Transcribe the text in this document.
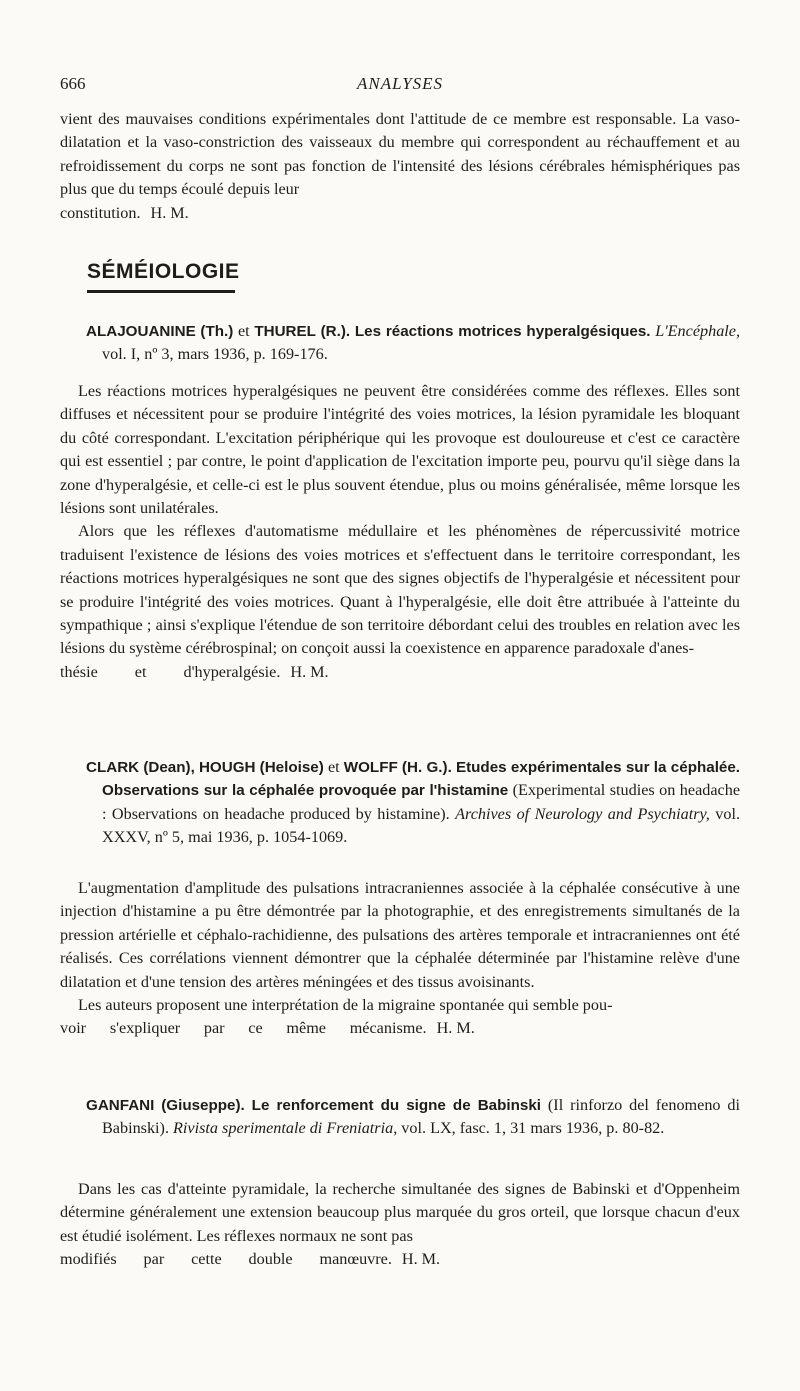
666	ANALYSES

vient des mauvaises conditions expérimentales dont l'attitude de ce membre est responsable. La vaso-dilatation et la vaso-constriction des vaisseaux du membre qui correspondent au réchauffement et au refroidissement du corps ne sont pas fonction de l'intensité des lésions cérébrales hémisphériques pas plus que du temps écoulé depuis leur

constitution. H. M.

SÉMÉIOLOGIE
ALAJOUANINE (Th.) et THUREL (R.). Les réactions motrices hyperalgésiques. L'Encéphale, vol. I, nº 3, mars 1936, p. 169-176.

Les réactions motrices hyperalgésiques ne peuvent être considérées comme des réflexes. Elles sont diffuses et nécessitent pour se produire l'intégrité des voies motrices, la lésion pyramidale les bloquant du côté correspondant. L'excitation périphérique qui les provoque est douloureuse et c'est ce caractère qui est essentiel ; par contre, le point d'application de l'excitation importe peu, pourvu qu'il siège dans la zone d'hyperalgésie, et celle-ci est le plus souvent étendue, plus ou moins généralisée, même lorsque les lésions sont unilatérales.

Alors que les réflexes d'automatisme médullaire et les phénomènes de répercussivité motrice traduisent l'existence de lésions des voies motrices et s'effectuent dans le territoire correspondant, les réactions motrices hyperalgésiques ne sont que des signes objectifs de l'hyperalgésie et nécessitent pour se produire l'intégrité des voies motrices. Quant à l'hyperalgésie, elle doit être attribuée à l'atteinte du sympathique ; ainsi s'explique l'étendue de son territoire débordant celui des troubles en relation avec les lésions du système cérébrospinal; on conçoit aussi la coexistence en apparence paradoxale d'anes-

thésie et d'hyperalgésie. H. M.

CLARK (Dean), HOUGH (Heloise) et WOLFF (H. G.). Etudes expérimentales sur la céphalée. Observations sur la céphalée provoquée par l'histamine (Experimental studies on headache : Observations on headache produced by histamine). Archives of Neurology and Psychiatry, vol. XXXV, nº 5, mai 1936, p. 1054-1069.

L'augmentation d'amplitude des pulsations intracraniennes associée à la céphalée consécutive à une injection d'histamine a pu être démontrée par la photographie, et des enregistrements simultanés de la pression artérielle et céphalo-rachidienne, des pulsations des artères temporale et intracraniennes ont été réalisés. Ces corrélations viennent démontrer que la céphalée déterminée par l'histamine relève d'une dilatation et d'une tension des artères méningées et des tissus avoisinants.

Les auteurs proposent une interprétation de la migraine spontanée qui semble pou-

voir s'expliquer par ce même mécanisme. H. M.

GANFANI (Giuseppe). Le renforcement du signe de Babinski (Il rinforzo del fenomeno di Babinski). Rivista sperimentale di Freniatria, vol. LX, fasc. 1, 31 mars 1936, p. 80-82.

Dans les cas d'atteinte pyramidale, la recherche simultanée des signes de Babinski et d'Oppenheim détermine généralement une extension beaucoup plus marquée du gros orteil, que lorsque chacun d'eux est étudié isolément. Les réflexes normaux ne sont pas

modifiés par cette double manœuvre. H. M.
